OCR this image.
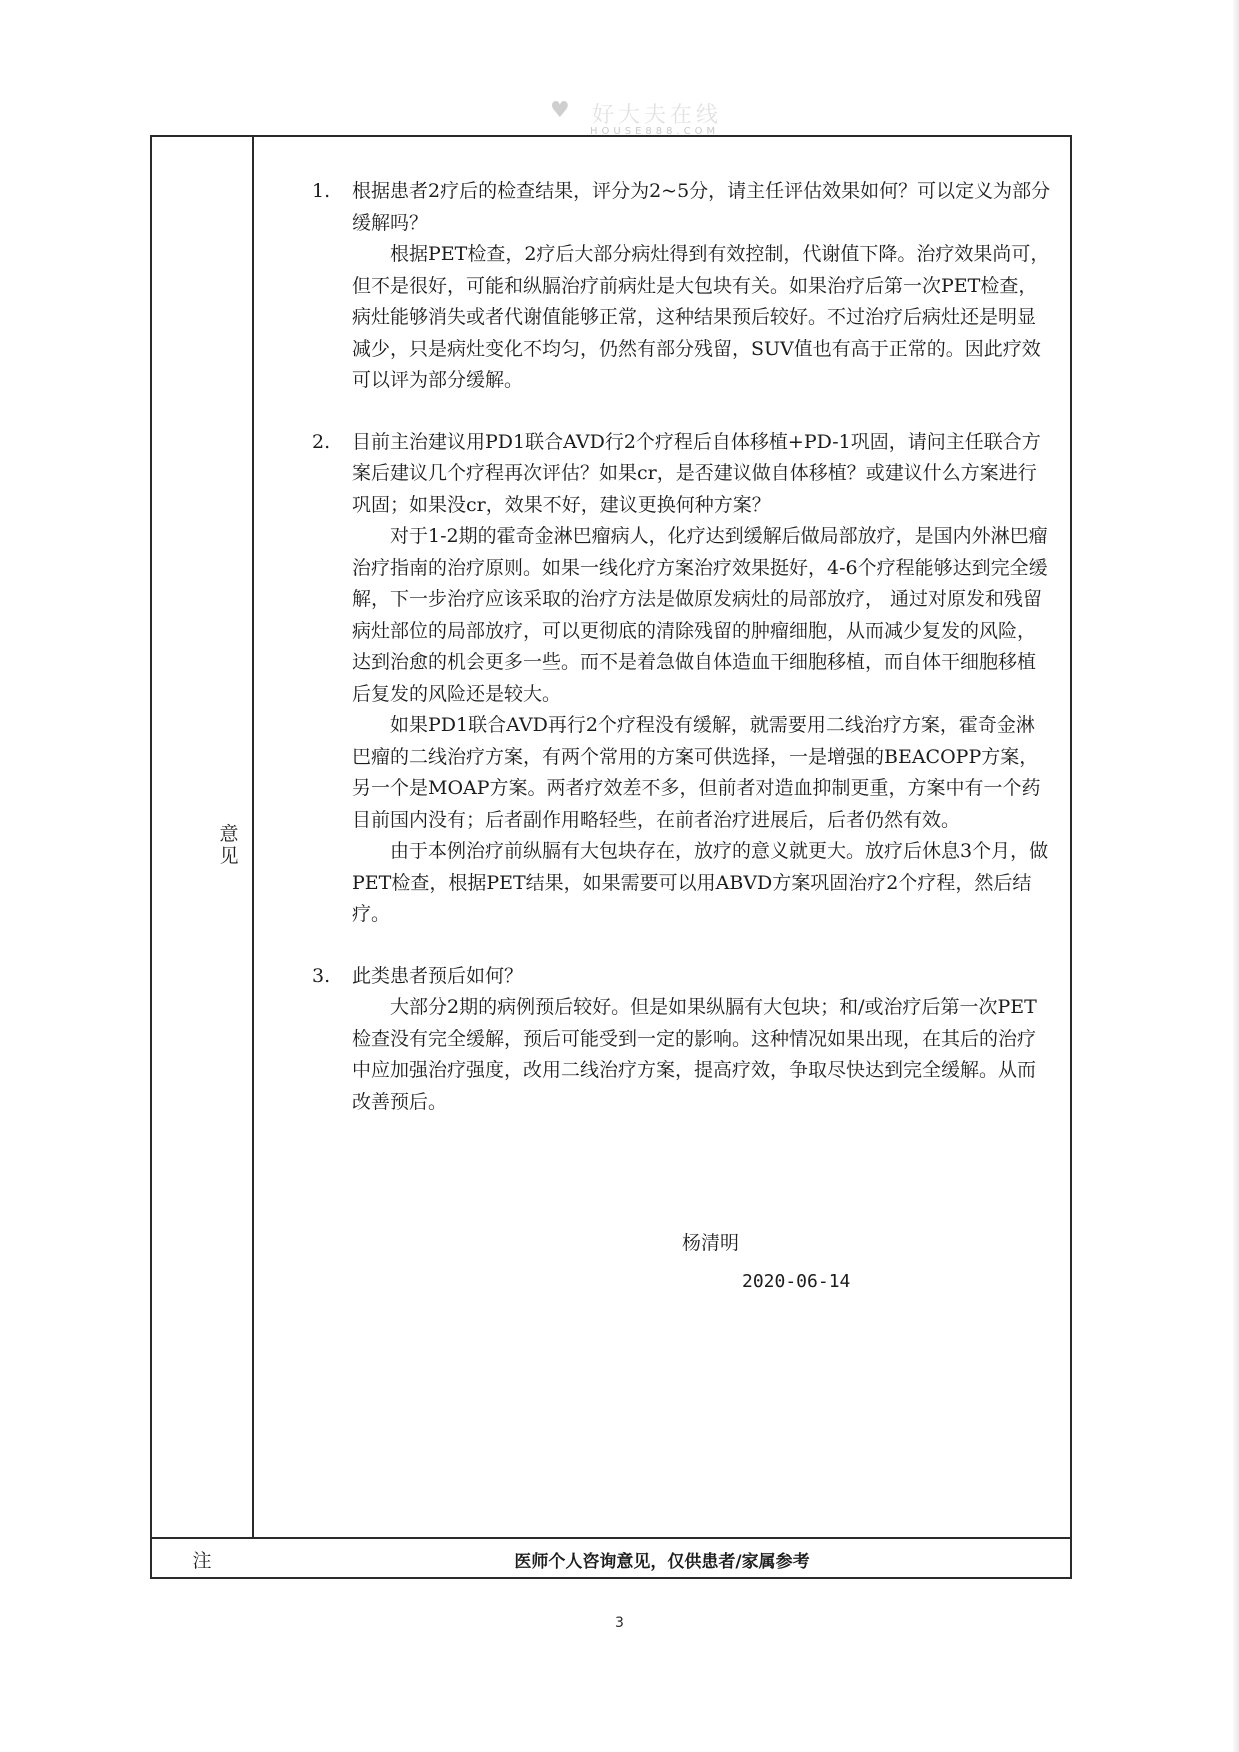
♥ 好大夫在线
HOUSE888.COM
意见
注	医师个人咨询意见，仅供患者/家属参考
1. 根据患者2疗后的检查结果，评分为2~5分，请主任评估效果如何？可以定义为部分缓解吗？
根据PET检查，2疗后大部分病灶得到有效控制，代谢值下降。治疗效果尚可，但不是很好，可能和纵膈治疗前病灶是大包块有关。如果治疗后第一次PET检查，病灶能够消失或者代谢值能够正常，这种结果预后较好。不过治疗后病灶还是明显减少，只是病灶变化不均匀，仍然有部分残留，SUV值也有高于正常的。因此疗效可以评为部分缓解。
2. 目前主治建议用PD1联合AVD行2个疗程后自体移植+PD-1巩固，请问主任联合方案后建议几个疗程再次评估？如果cr，是否建议做自体移植？或建议什么方案进行巩固；如果没cr，效果不好，建议更换何种方案？
对于1-2期的霍奇金淋巴瘤病人，化疗达到缓解后做局部放疗，是国内外淋巴瘤治疗指南的治疗原则。如果一线化疗方案治疗效果挺好，4-6个疗程能够达到完全缓解，下一步治疗应该采取的治疗方法是做原发病灶的局部放疗， 通过对原发和残留病灶部位的局部放疗，可以更彻底的清除残留的肿瘤细胞，从而减少复发的风险，达到治愈的机会更多一些。而不是着急做自体造血干细胞移植，而自体干细胞移植后复发的风险还是较大。
如果PD1联合AVD再行2个疗程没有缓解，就需要用二线治疗方案，霍奇金淋巴瘤的二线治疗方案，有两个常用的方案可供选择，一是增强的BEACOPP方案，另一个是MOAP方案。两者疗效差不多，但前者对造血抑制更重，方案中有一个药目前国内没有；后者副作用略轻些，在前者治疗进展后，后者仍然有效。
由于本例治疗前纵膈有大包块存在，放疗的意义就更大。放疗后休息3个月，做PET检查，根据PET结果，如果需要可以用ABVD方案巩固治疗2个疗程，然后结疗。
3. 此类患者预后如何？
大部分2期的病例预后较好。但是如果纵膈有大包块；和/或治疗后第一次PET检查没有完全缓解，预后可能受到一定的影响。这种情况如果出现，在其后的治疗中应加强治疗强度，改用二线治疗方案，提高疗效，争取尽快达到完全缓解。从而改善预后。
杨清明
2020-06-14
3
